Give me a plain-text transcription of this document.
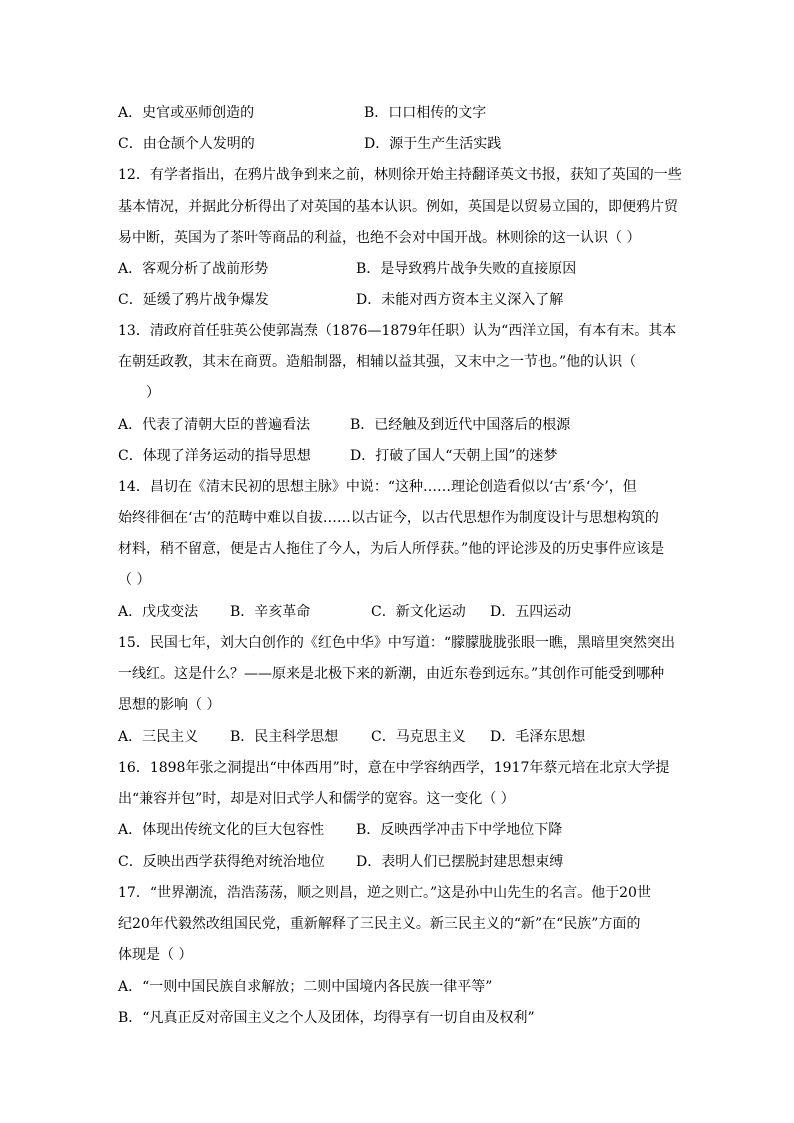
A．史官或巫师创造的	B．口口相传的文字
C．由仓颉个人发明的	D．源于生产生活实践
12．有学者指出，在鸦片战争到来之前，林则徐开始主持翻译英文书报，获知了英国的一些
基本情况，并据此分析得出了对英国的基本认识。例如，英国是以贸易立国的，即便鸦片贸
易中断，英国为了茶叶等商品的利益，也绝不会对中国开战。林则徐的这一认识（ ）
A．客观分析了战前形势	B．是导致鸦片战争失败的直接原因
C．延缓了鸦片战争爆发	D．未能对西方资本主义深入了解
13．清政府首任驻英公使郭嵩焘（1876—1879年任职）认为“西洋立国，有本有末。其本
在朝廷政教，其末在商贾。造船制器，相辅以益其强，又末中之一节也。”他的认识（
）
A．代表了清朝大臣的普遍看法	B．已经触及到近代中国落后的根源
C．体现了洋务运动的指导思想	D．打破了国人“天朝上国”的迷梦
14．昌切在《清末民初的思想主脉》中说：“这种……理论创造看似以‘古’系‘今’，但
始终徘徊在‘古’的范畴中难以自拔……以古证今，以古代思想作为制度设计与思想构筑的
材料，稍不留意，便是古人拖住了今人，为后人所俘获。”他的评论涉及的历史事件应该是
（ ）
A．戊戌变法 B．辛亥革命	C．新文化运动 D．五四运动
15．民国七年，刘大白创作的《红色中华》中写道：“朦朦胧胧张眼一瞧，黑暗里突然突出
一线红。这是什么？——原来是北极下来的新潮，由近东卷到远东。”其创作可能受到哪种
思想的影响（ ）
A．三民主义 B．民主科学思想 C．马克思主义 D．毛泽东思想
16．1898年张之洞提出“中体西用”时，意在中学容纳西学，1917年蔡元培在北京大学提
出“兼容并包”时，却是对旧式学人和儒学的宽容。这一变化（ ）
A．体现出传统文化的巨大包容性 B．反映西学冲击下中学地位下降
C．反映出西学获得绝对统治地位 D．表明人们已摆脱封建思想束缚
17．“世界潮流，浩浩荡荡，顺之则昌，逆之则亡。”这是孙中山先生的名言。他于20世
纪20年代毅然改组国民党，重新解释了三民主义。新三民主义的“新”在“民族”方面的
体现是（ ）
A．“一则中国民族自求解放；二则中国境内各民族一律平等”
B．“凡真正反对帝国主义之个人及团体，均得享有一切自由及权利”
